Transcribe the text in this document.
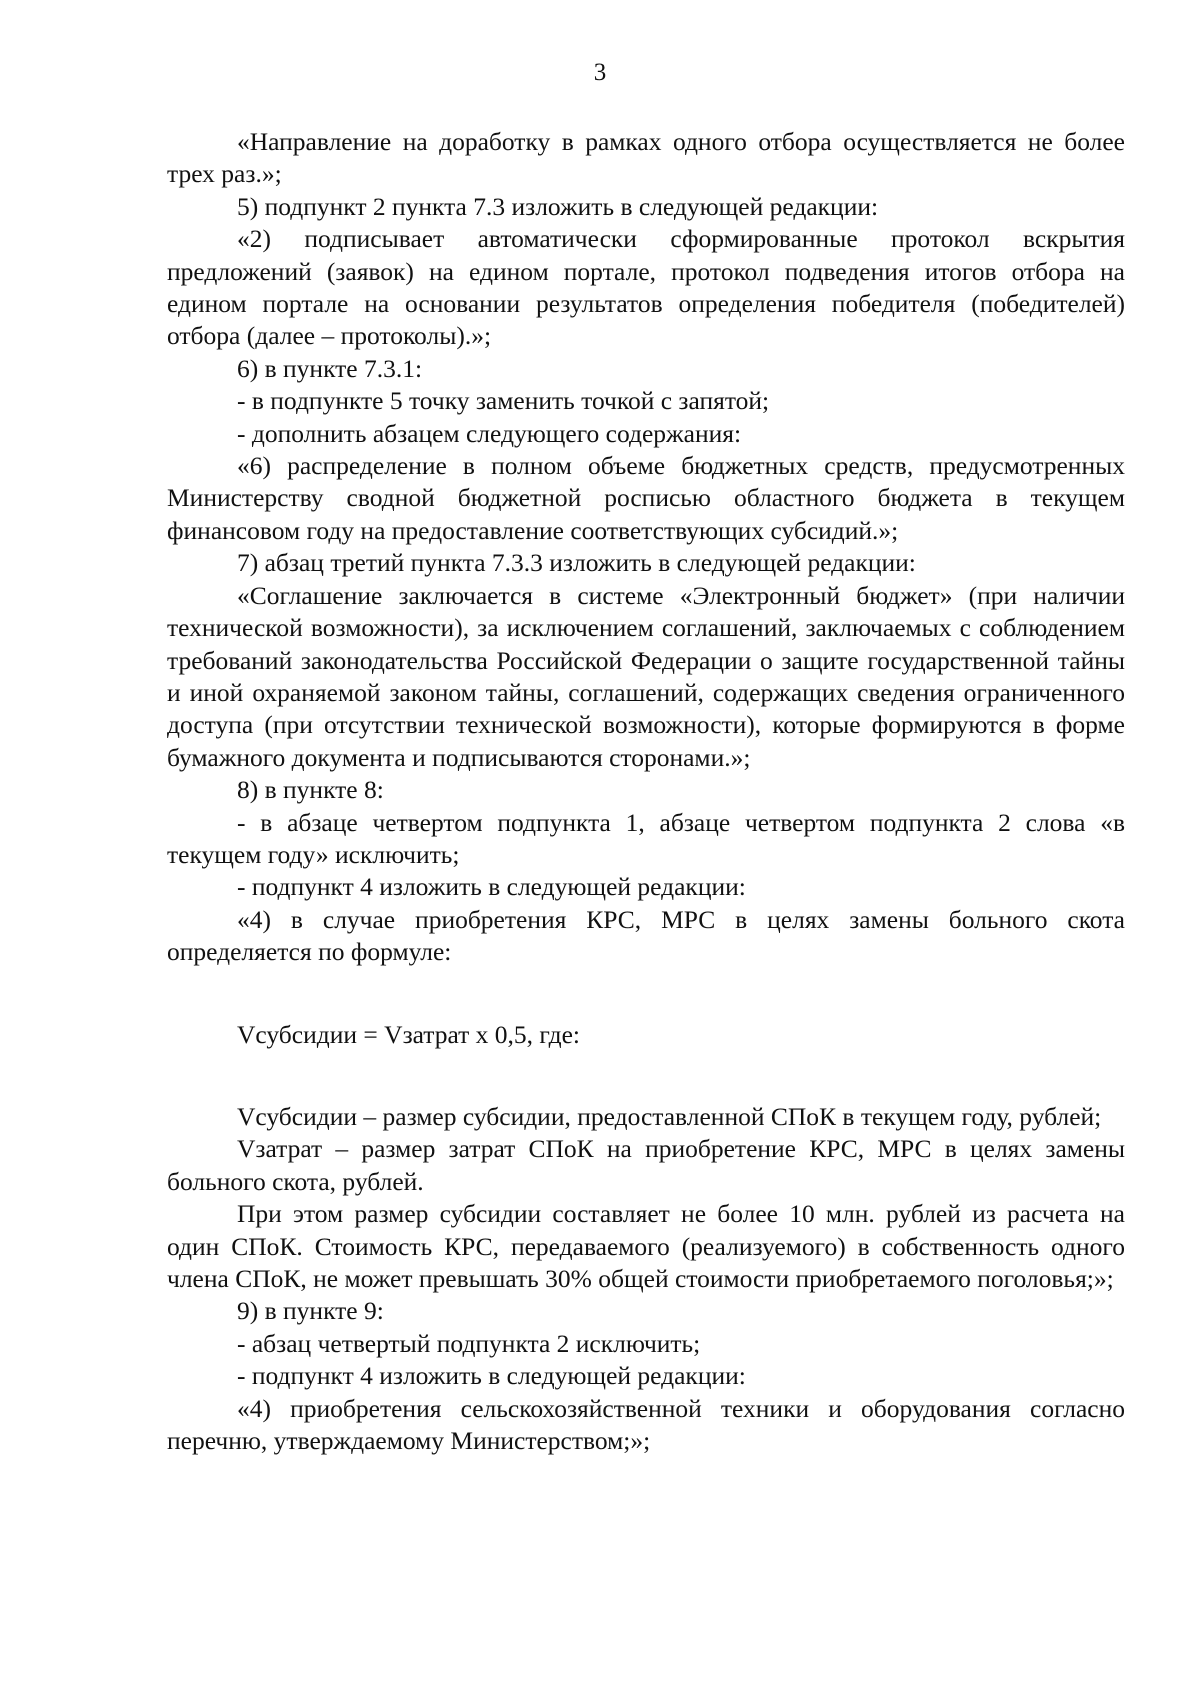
3

«Направление на доработку в рамках одного отбора осуществляется не более трех раз.»;

5) подпункт 2 пункта 7.3 изложить в следующей редакции:

«2) подписывает автоматически сформированные протокол вскрытия предложений (заявок) на едином портале, протокол подведения итогов отбора на едином портале на основании результатов определения победителя (победителей) отбора (далее – протоколы).»;

6) в пункте 7.3.1:

- в подпункте 5 точку заменить точкой с запятой;

- дополнить абзацем следующего содержания:

«6) распределение в полном объеме бюджетных средств, предусмотренных Министерству сводной бюджетной росписью областного бюджета в текущем финансовом году на предоставление соответствующих субсидий.»;

7) абзац третий пункта 7.3.3 изложить в следующей редакции:

«Соглашение заключается в системе «Электронный бюджет» (при наличии технической возможности), за исключением соглашений, заключаемых с соблюдением требований законодательства Российской Федерации о защите государственной тайны и иной охраняемой законом тайны, соглашений, содержащих сведения ограниченного доступа (при отсутствии технической возможности), которые формируются в форме бумажного документа и подписываются сторонами.»;

8) в пункте 8:

- в абзаце четвертом подпункта 1, абзаце четвертом подпункта 2 слова «в текущем году» исключить;

- подпункт 4 изложить в следующей редакции:

«4) в случае приобретения КРС, МРС в целях замены больного скота определяется по формуле:

Vсубсидии = Vзатрат x 0,5, где:

Vсубсидии – размер субсидии, предоставленной СПоК в текущем году, рублей;

Vзатрат – размер затрат СПоК на приобретение КРС, МРС в целях замены больного скота, рублей.

При этом размер субсидии составляет не более 10 млн. рублей из расчета на один СПоК. Стоимость КРС, передаваемого (реализуемого) в собственность одного члена СПоК, не может превышать 30% общей стоимости приобретаемого поголовья;»;

9) в пункте 9:

- абзац четвертый подпункта 2 исключить;

- подпункт 4 изложить в следующей редакции:

«4) приобретения сельскохозяйственной техники и оборудования согласно перечню, утверждаемому Министерством;»;
